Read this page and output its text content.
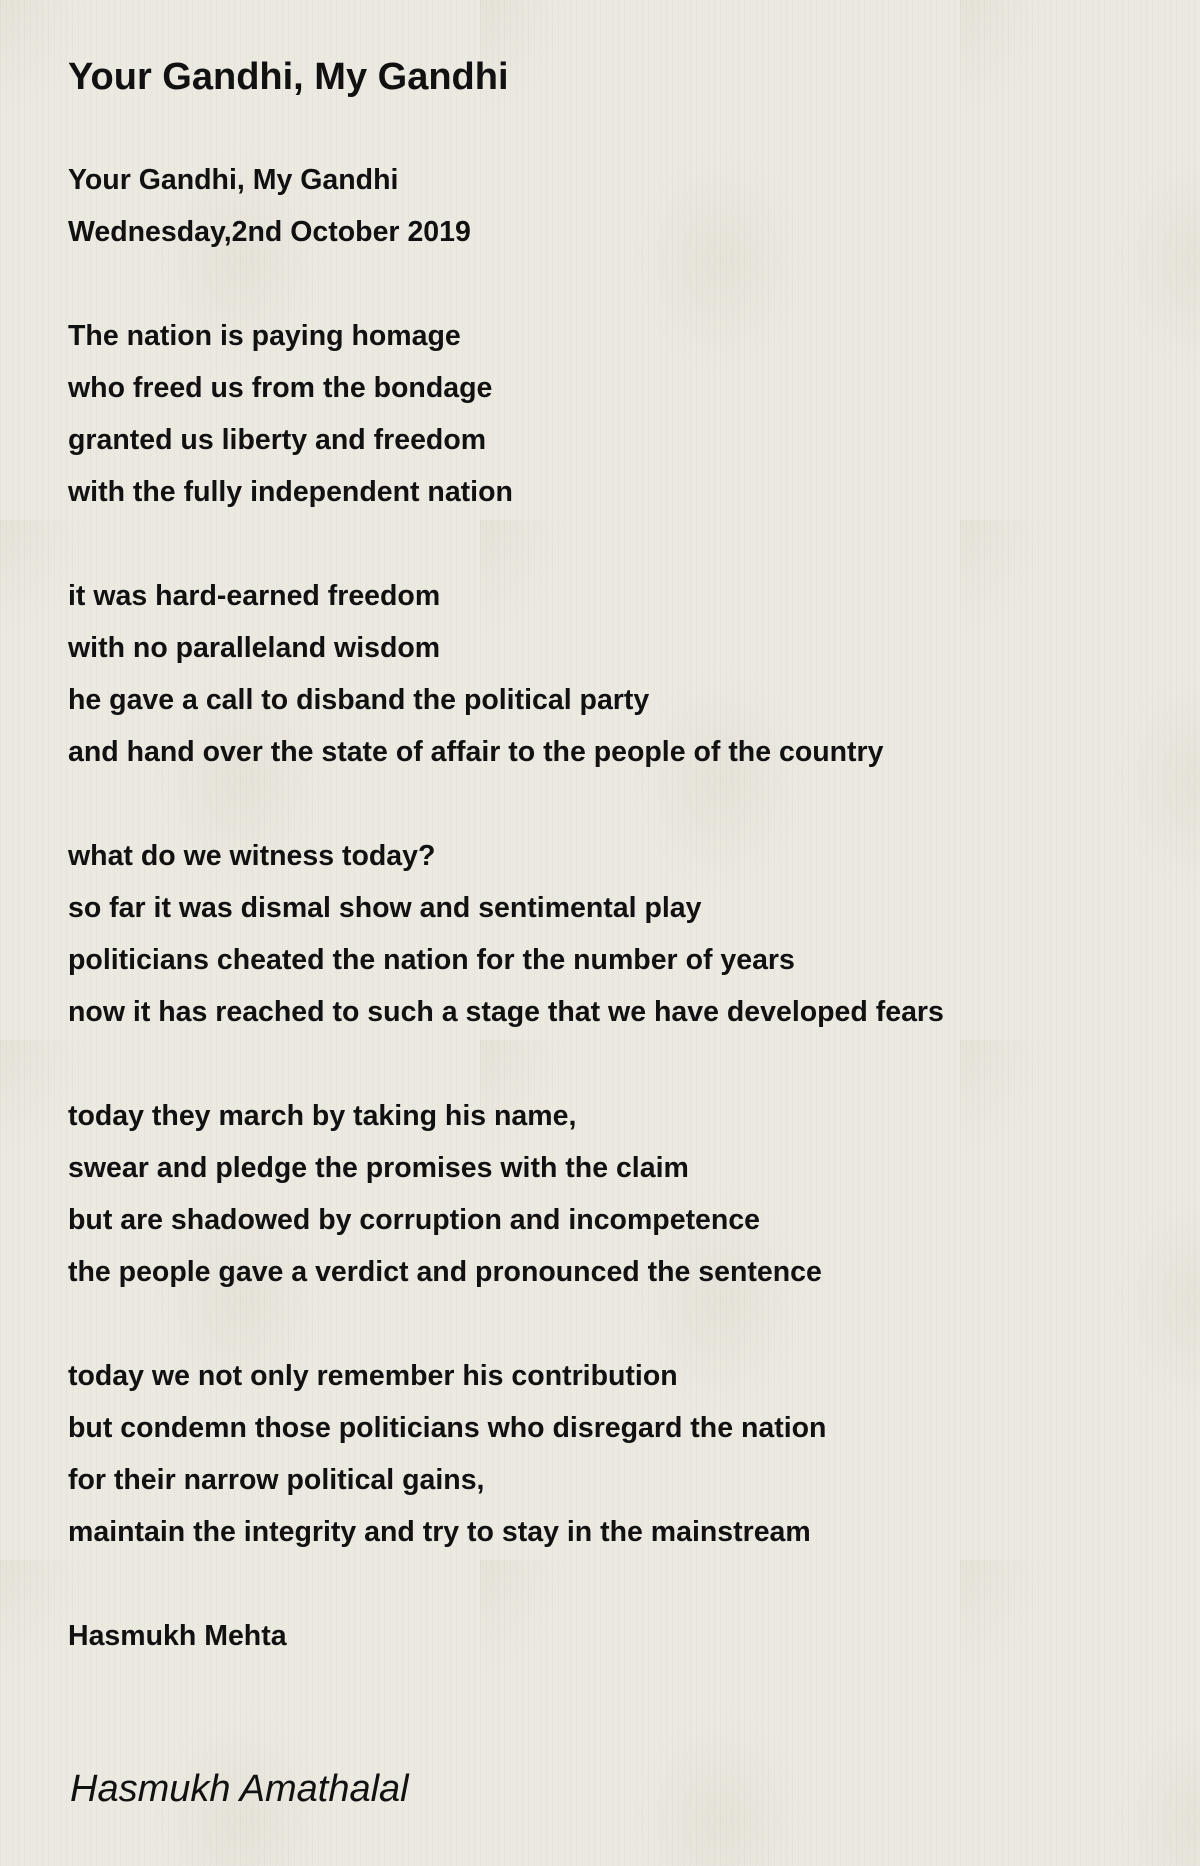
Your Gandhi, My Gandhi
Your Gandhi, My Gandhi
Wednesday,2nd October 2019
The nation is paying homage
who freed us from the bondage
granted us liberty and freedom
with the fully independent nation
it was hard-earned freedom
with no paralleland wisdom
he gave a call to disband the political party
and hand over the state of affair to the people of the country
what do we witness today?
so far it was dismal show and sentimental play
politicians cheated the nation for the number of years
now it has reached to such a stage that we have developed fears
today they march by taking his name,
swear and pledge the promises with the claim
but are shadowed by corruption and incompetence
the people gave a verdict and pronounced the sentence
today we not only remember his contribution
but condemn those politicians who disregard the nation
for their narrow political gains,
maintain the integrity and try to stay in the mainstream
Hasmukh Mehta
Hasmukh Amathalal
